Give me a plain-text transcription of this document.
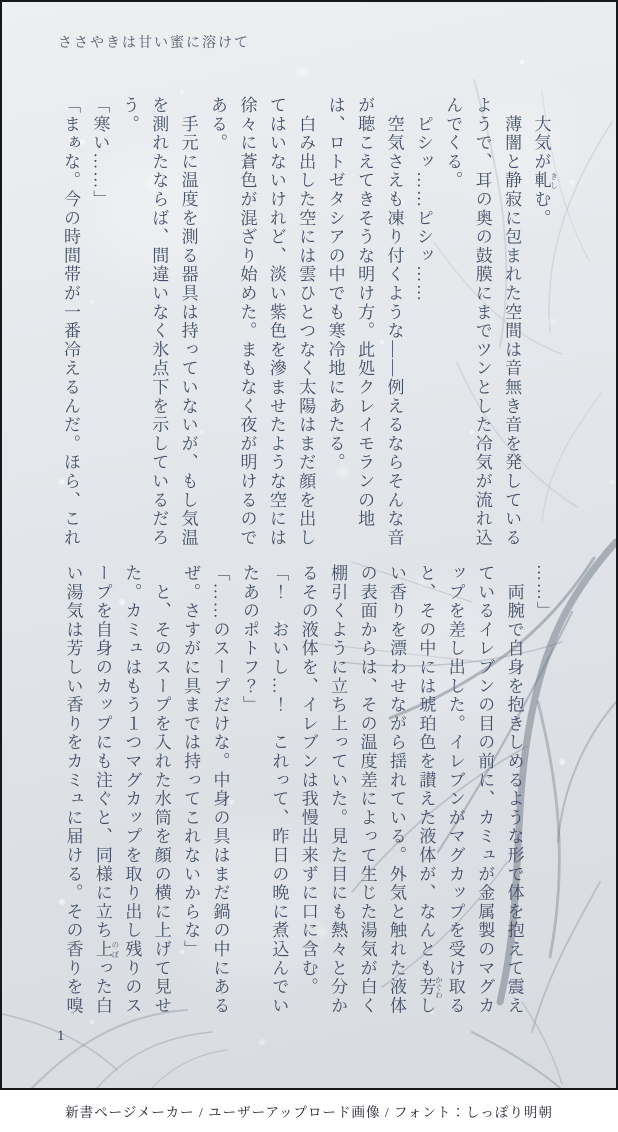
ささやきは甘い蜜に溶けて

　大気が軋 きしむ。

　薄闇と静寂に包まれた空間は音無き音を発しているようで、耳の奥の鼓膜にまでツンとした冷気が流れ込んでくる。

　ピシッ……ピシッ……

　空気さえも凍り付くような――例えるならそんな音が聴こえてきそうな明け方。此処クレイモランの地は、ロトゼタシアの中でも寒冷地にあたる。

　白み出した空には雲ひとつなく太陽はまだ顔を出してはいないけれど、淡い紫色を滲ませたような空には徐々に蒼色が混ざり始めた。まもなく夜が明けるのである。

　手元に温度を測る器具は持っていないが、もし気温を測れたならば、間違いなく氷点下を示しているだろう。

「寒い……」

「まぁな。今の時間帯が一番冷えるんだ。ほら、これ

……」

　両腕で自身を抱きしめるような形で体を抱えて震えているイレブンの目の前に、カミュが金属製のマグカップを差し出した。イレブンがマグカップを受け取ると、その中には琥珀色を讃えた液体が、なんとも芳 かぐわしい香りを漂わせながら揺れている。外気と触れた液体の表面からは、その温度差によって生じた湯気が白く棚引くように立ち上っていた。見た目にも熱々と分かるその液体を、イレブンは我慢出来ずに口に含む。

「！　おいし…！　これって、昨日の晩に煮込んでいたあのポトフ？」

「……のスープだけな。中身の具はまだ鍋の中にあるぜ。さすがに具までは持ってこれないからな」

　と、そのスープを入れた水筒を顔の横に上げて見せた。カミュはもう１つマグカップを取り出し残りのスープを自身のカップにも注ぐと、同様に立ち上 のぼった白い湯気は芳しい香りをカミュに届ける。その香りを嗅

1
新書ページメーカー / ユーザーアップロード画像 / フォント：しっぽり明朝
